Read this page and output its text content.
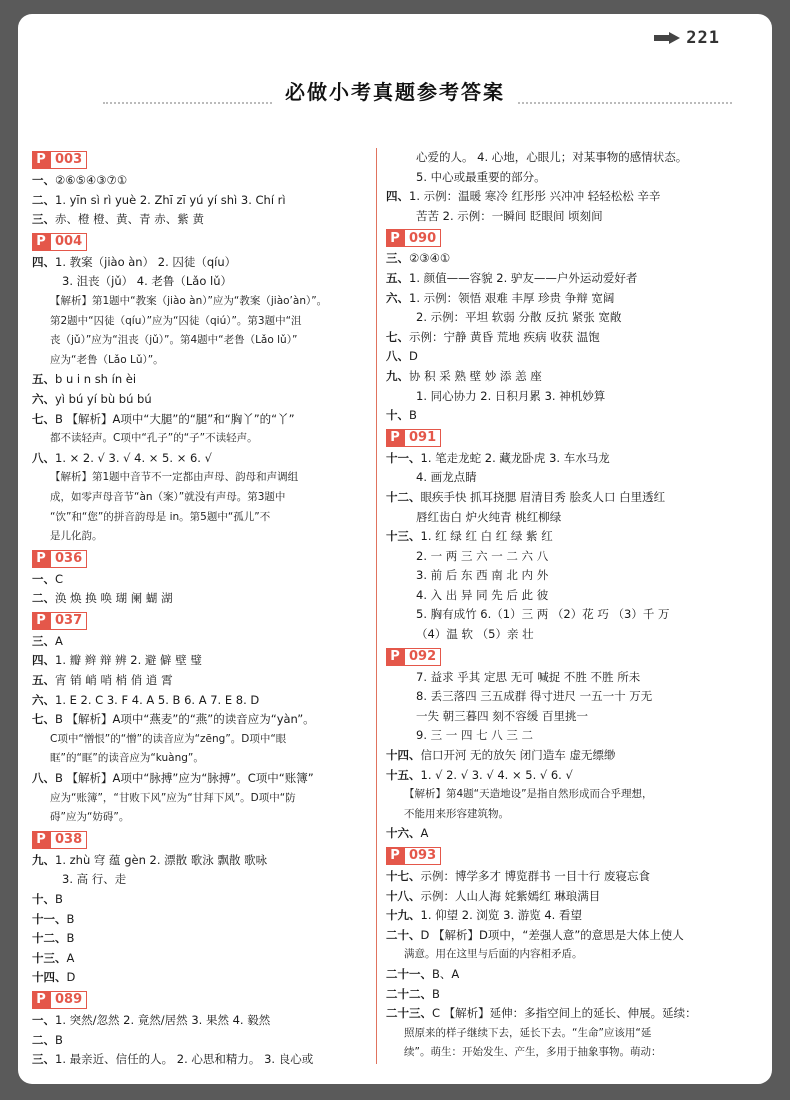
221
必做小考真题参考答案
P 003
一、②⑥⑤④③⑦①
二、1. yīn sì rì yuè 2. Zhī zī yú yí shì 3. Chí rì
三、赤、橙 橙、黄、青 赤、紫 黄
P 004
四、1. 教案（jiào àn） 2. 囚徒（qíu）
3. 沮丧（jǔ） 4. 老鲁（Lǎo lǔ）
【解析】第1题中“教案（jiào àn）”应为“教案（jiào’àn）”。
第2题中“囚徒（qíu）”应为“囚徒（qiú）”。第3题中“沮
丧（jǔ）”应为“沮丧（jǔ）”。第4题中“老鲁（Lǎo lǔ）”
应为“老鲁（Lǎo Lǔ）”。
五、b u i n sh ín èi
六、yì bú yí bù bú bú
七、B 【解析】A项中“大腿”的“腿”和“胸丫”的“丫”
都不读轻声。C项中“孔子”的“子”不读轻声。
八、1. × 2. √ 3. √ 4. × 5. × 6. √
【解析】第1题中音节不一定都由声母、韵母和声调组
成，如零声母音节“àn（案）”就没有声母。第3题中
“饮”和“您”的拼音韵母是 in。第5题中“孤儿”不
是儿化韵。
P 036
一、C
二、涣 焕 换 唤 瑚 阑 蝴 湖
P 037
三、A
四、1. 瓣 辫 辩 辨 2. 避 僻 壁 璧
五、宵 销 峭 哨 梢 俏 逍 霄
六、1. E 2. C 3. F 4. A 5. B 6. A 7. E 8. D
七、B 【解析】A项中“燕麦”的“燕”的读音应为“yàn”。
C项中“憎恨”的“憎”的读音应为“zēng”。D项中“眼
眶”的“眶”的读音应为“kuàng”。
八、B 【解析】A项中“脉搏”应为“脉搏”。C项中“账簿”
应为“账簿”，“甘败下风”应为“甘拜下风”。D项中“防
碍”应为“妨碍”。
P 038
九、1. zhù 穹 蕴 gèn 2. 漂散 歌泳 飘散 歌咏
3. 高 行、走
十、B
十一、B
十二、B
十三、A
十四、D
P 089
一、1. 突然/忽然 2. 竟然/居然 3. 果然 4. 毅然
二、B
三、1. 最亲近、信任的人。 2. 心思和精力。 3. 良心或
心爱的人。 4. 心地，心眼儿；对某事物的感情状态。
5. 中心或最重要的部分。
四、1. 示例：温暖 寒冷 红彤彤 兴冲冲 轻轻松松 辛辛
苦苦 2. 示例：一瞬间 眨眼间 顷刻间
P 090
三、②③④①
五、1. 颜值——容貌 2. 驴友——户外运动爱好者
六、1. 示例：领悟 艰难 丰厚 珍贵 争辩 宽阔
2. 示例：平坦 软弱 分散 反抗 紧张 宽敞
七、示例：宁静 黄昏 荒地 疾病 收获 温饱
八、D
九、协 积 采 熟 壁 妙 添 恙 座
1. 同心协力 2. 日积月累 3. 神机妙算
十、B
P 091
十一、1. 笔走龙蛇 2. 藏龙卧虎 3. 车水马龙
4. 画龙点睛
十二、眼疾手快 抓耳挠腮 眉清目秀 脍炙人口 白里透红
唇红齿白 炉火纯青 桃红柳绿
十三、1. 红 绿 红 白 红 绿 紫 红
2. 一 两 三 六 一 二 六 八
3. 前 后 东 西 南 北 内 外
4. 入 出 异 同 先 后 此 彼
5. 胸有成竹 6.（1）三 两 （2）花 巧 （3）千 万
（4）温 软 （5）亲 壮
P 092
7. 益求 乎其 定思 无可 喊捉 不胜 不胜 所未
8. 丢三落四 三五成群 得寸进尺 一五一十 万无
一失 朝三暮四 刻不容缓 百里挑一
9. 三 一 四 七 八 三 二
十四、信口开河 无的放矢 闭门造车 虚无缥缈
十五、1. √ 2. √ 3. √ 4. × 5. √ 6. √
【解析】第4题“天造地设”是指自然形成而合乎理想，
不能用来形容建筑物。
十六、A
P 093
十七、示例：博学多才 博览群书 一目十行 废寝忘食
十八、示例：人山人海 姹紫嫣红 琳琅满目
十九、1. 仰望 2. 浏览 3. 游览 4. 看望
二十、D 【解析】D项中，“差强人意”的意思是大体上使人
满意。用在这里与后面的内容相矛盾。
二十一、B、A
二十二、B
二十三、C 【解析】延伸：多指空间上的延长、伸展。延续：
照原来的样子继续下去，延长下去。“生命”应该用“延
续”。萌生：开始发生、产生，多用于抽象事物。萌动：
